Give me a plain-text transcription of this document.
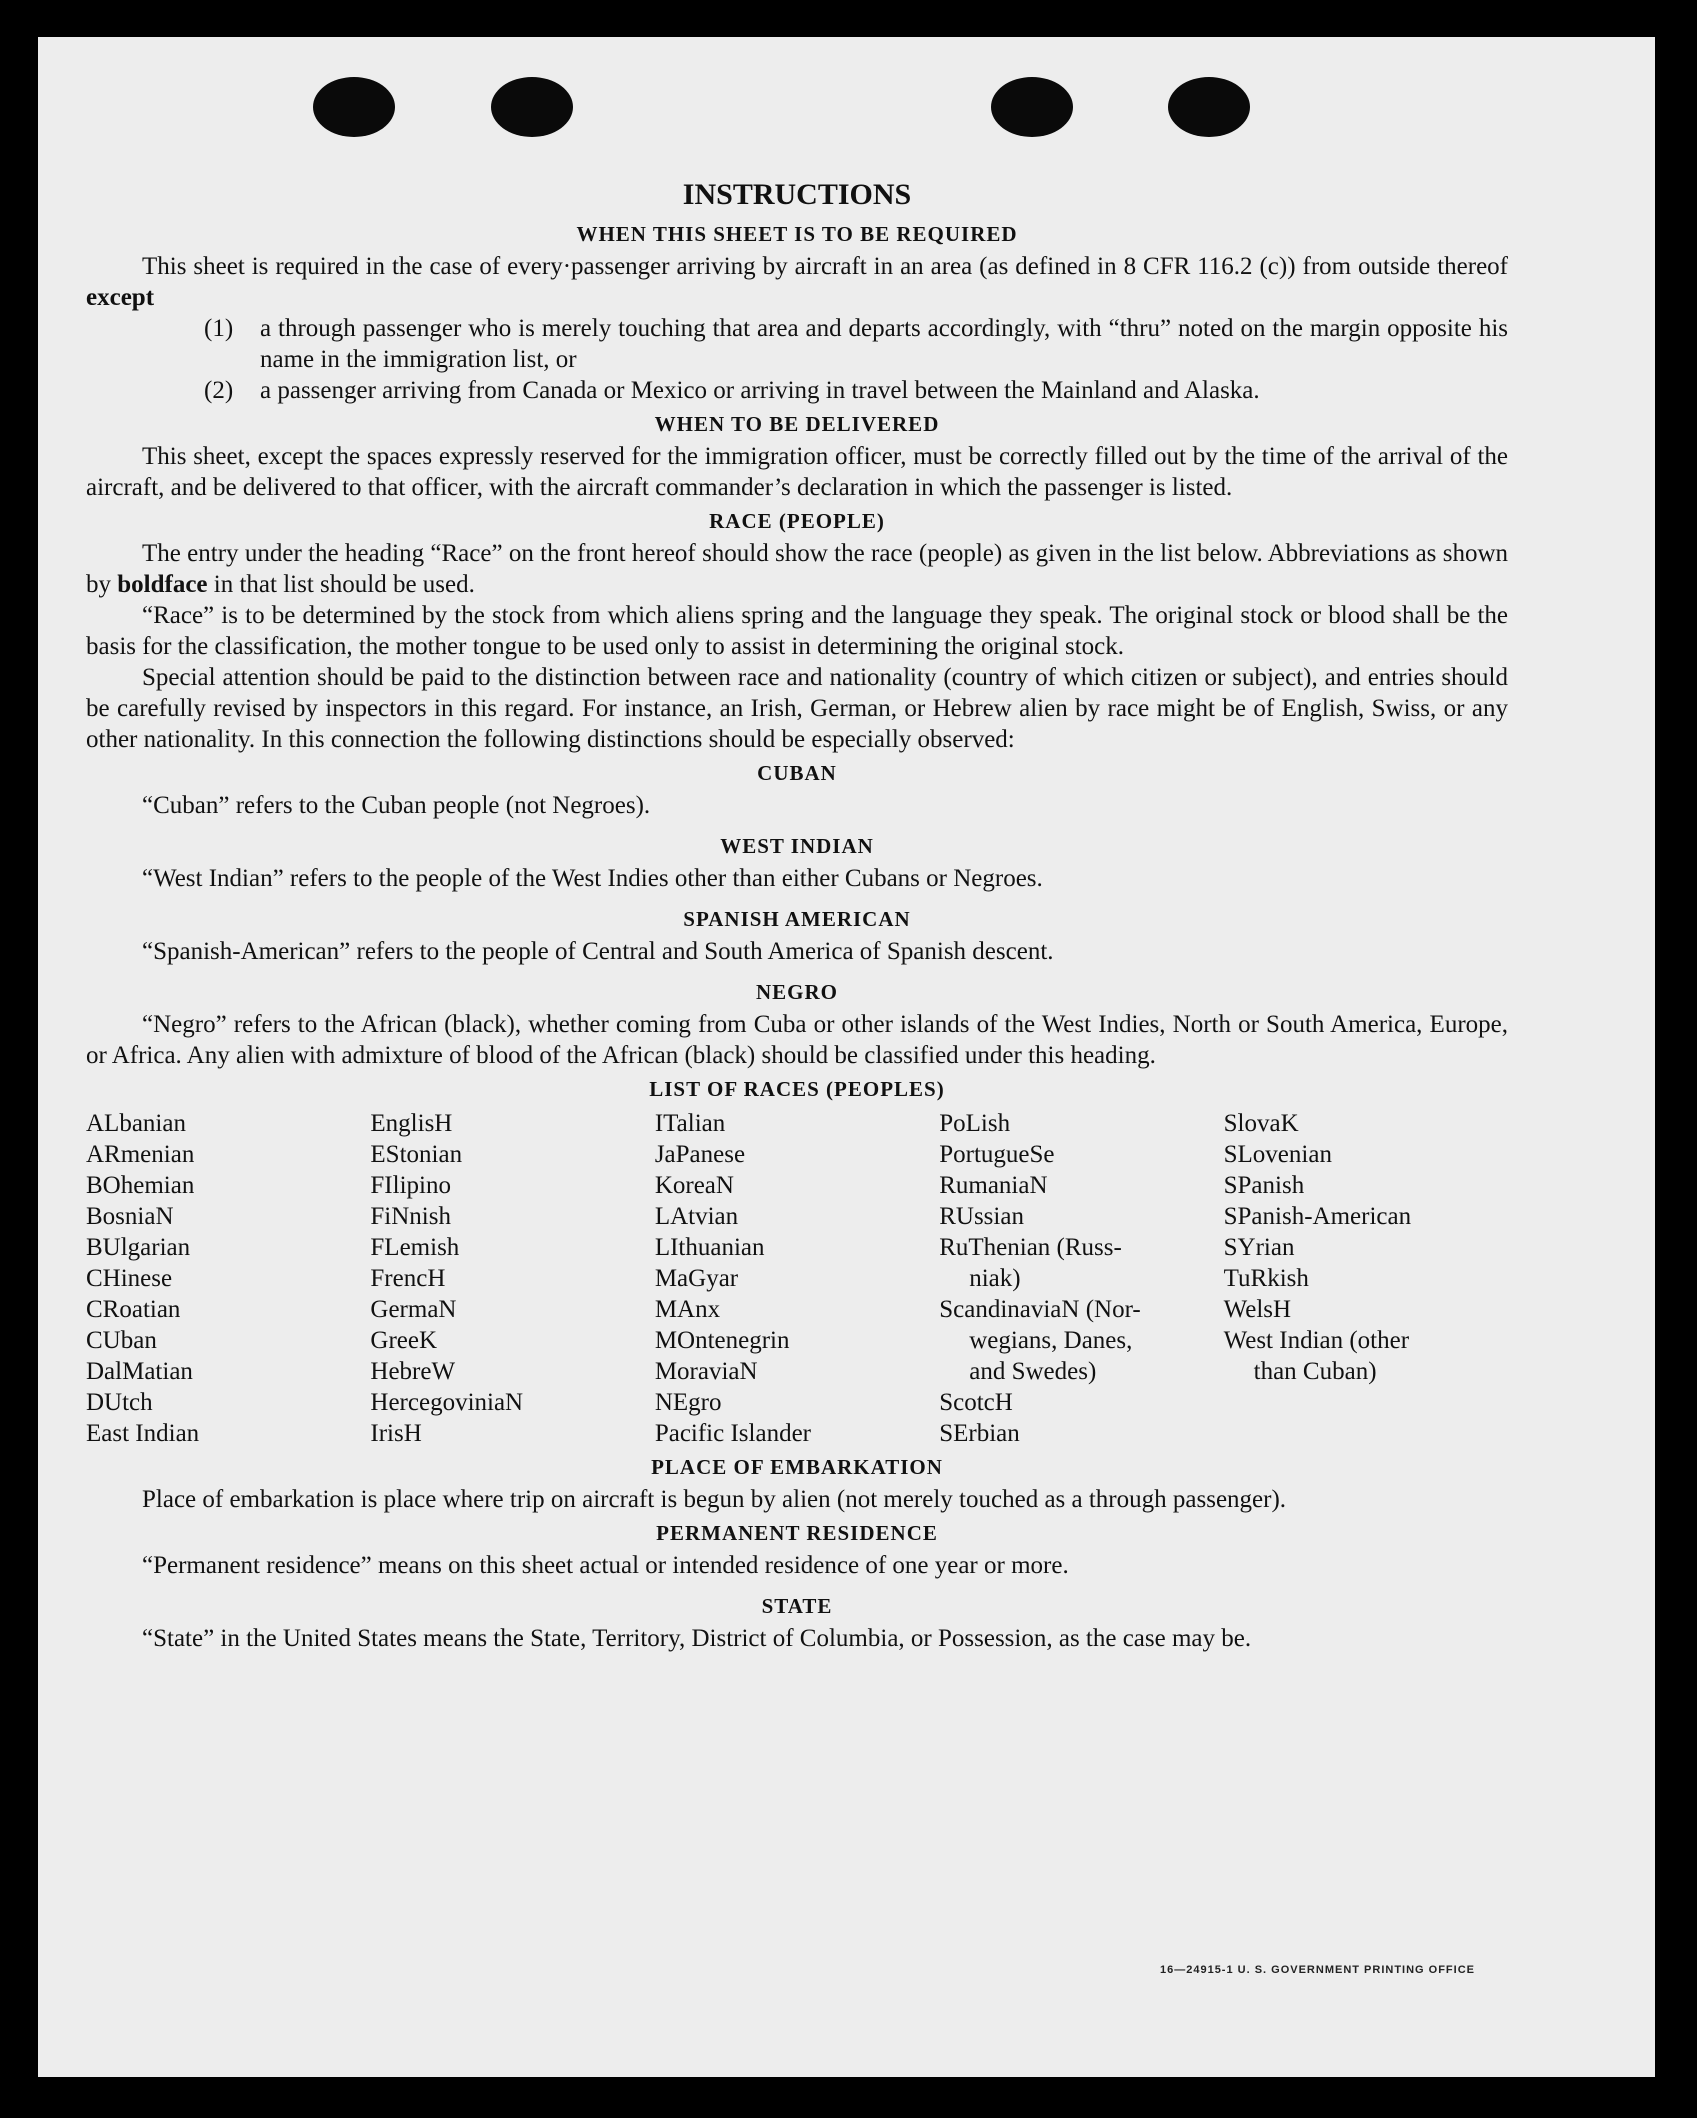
INSTRUCTIONS
WHEN THIS SHEET IS TO BE REQUIRED

This sheet is required in the case of every·passenger arriving by aircraft in an area (as defined in 8 CFR 116.2 (c)) from outside thereof except

(1)	a through passenger who is merely touching that area and departs accordingly, with “thru” noted on the margin opposite his name in the immigration list, or
(2)	a passenger arriving from Canada or Mexico or arriving in travel between the Mainland and Alaska.
WHEN TO BE DELIVERED

This sheet, except the spaces expressly reserved for the immigration officer, must be correctly filled out by the time of the arrival of the aircraft, and be delivered to that officer, with the aircraft commander’s declaration in which the passenger is listed.

RACE (PEOPLE)

The entry under the heading “Race” on the front hereof should show the race (people) as given in the list below. Abbreviations as shown by boldface in that list should be used.

“Race” is to be determined by the stock from which aliens spring and the language they speak. The original stock or blood shall be the basis for the classification, the mother tongue to be used only to assist in determining the original stock.

Special attention should be paid to the distinction between race and nationality (country of which citizen or subject), and entries should be carefully revised by inspectors in this regard. For instance, an Irish, German, or Hebrew alien by race might be of English, Swiss, or any other nationality. In this connection the following distinctions should be especially observed:

CUBAN

“Cuban” refers to the Cuban people (not Negroes).

WEST INDIAN

“West Indian” refers to the people of the West Indies other than either Cubans or Negroes.

SPANISH AMERICAN

“Spanish-American” refers to the people of Central and South America of Spanish descent.

NEGRO

“Negro” refers to the African (black), whether coming from Cuba or other islands of the West Indies, North or South America, Europe, or Africa. Any alien with admixture of blood of the African (black) should be classified under this heading.

LIST OF RACES (PEOPLES)
ALbanian
ARmenian
BOhemian
BosniaN
BUlgarian
CHinese
CRoatian
CUban
DalMatian
DUtch
East Indian
EnglisH
EStonian
FIlipino
FiNnish
FLemish
FrencH
GermaN
GreeK
HebreW
HercegoviniaN
IrisH
ITalian
JaPanese
KoreaN
LAtvian
LIthuanian
MaGyar
MAnx
MOntenegrin
MoraviaN
NEgro
Pacific Islander
PoLish
PortugueSe
RumaniaN
RUssian
RuThenian (Russ-
niak)
ScandinaviaN (Nor-
wegians, Danes,
and Swedes)
ScotcH
SErbian
SlovaK
SLovenian
SPanish
SPanish-American
SYrian
TuRkish
WelsH
West Indian (other
than Cuban)
PLACE OF EMBARKATION

Place of embarkation is place where trip on aircraft is begun by alien (not merely touched as a through passenger).

PERMANENT RESIDENCE

“Permanent residence” means on this sheet actual or intended residence of one year or more.

STATE

“State” in the United States means the State, Territory, District of Columbia, or Possession, as the case may be.

16—24915-1 U. S. GOVERNMENT PRINTING OFFICE
